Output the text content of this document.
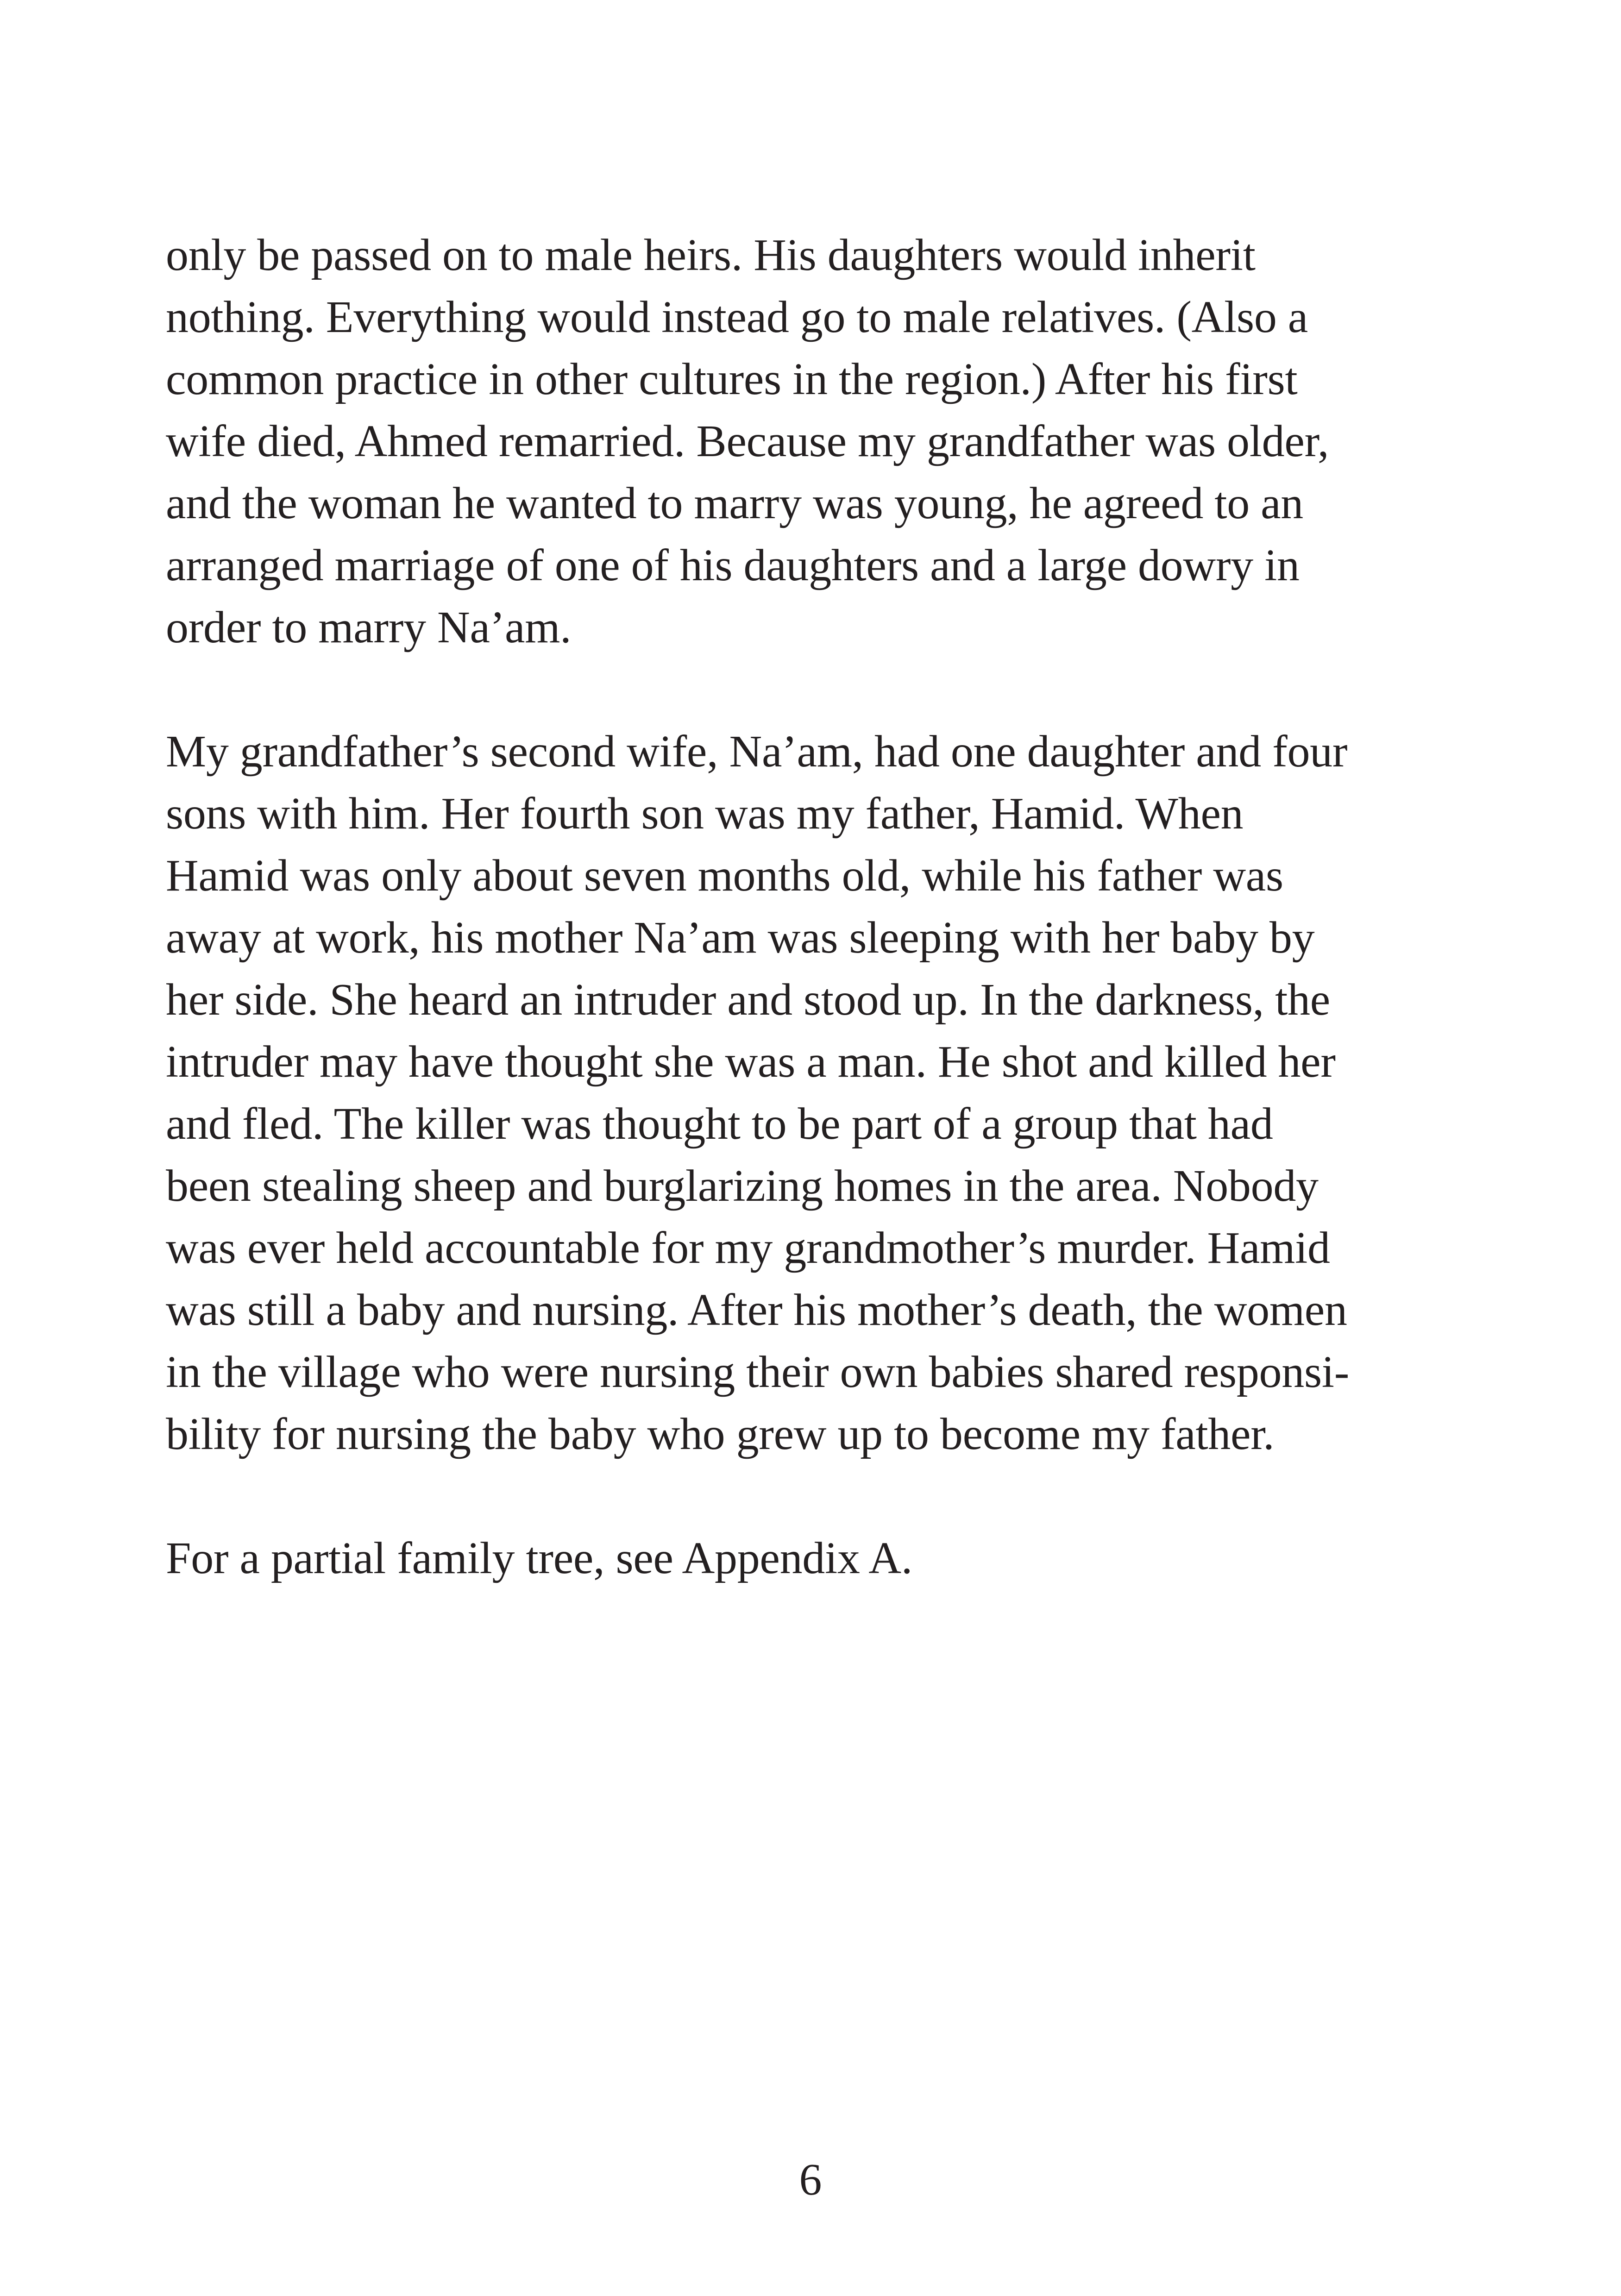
only be passed on to male heirs. His daughters would inherit
nothing. Everything would instead go to male relatives. (Also a
common practice in other cultures in the region.) After his first
wife died, Ahmed remarried. Because my grandfather was older,
and the woman he wanted to marry was young, he agreed to an
arranged marriage of one of his daughters and a large dowry in
order to marry Na’am.

My grandfather’s second wife, Na’am, had one daughter and four
sons with him. Her fourth son was my father, Hamid. When
Hamid was only about seven months old, while his father was
away at work, his mother Na’am was sleeping with her baby by
her side. She heard an intruder and stood up. In the darkness, the
intruder may have thought she was a man. He shot and killed her
and fled. The killer was thought to be part of a group that had
been stealing sheep and burglarizing homes in the area. Nobody
was ever held accountable for my grandmother’s murder. Hamid
was still a baby and nursing. After his mother’s death, the women
in the village who were nursing their own babies shared responsi-
bility for nursing the baby who grew up to become my father.

For a partial family tree, see Appendix A.

6
